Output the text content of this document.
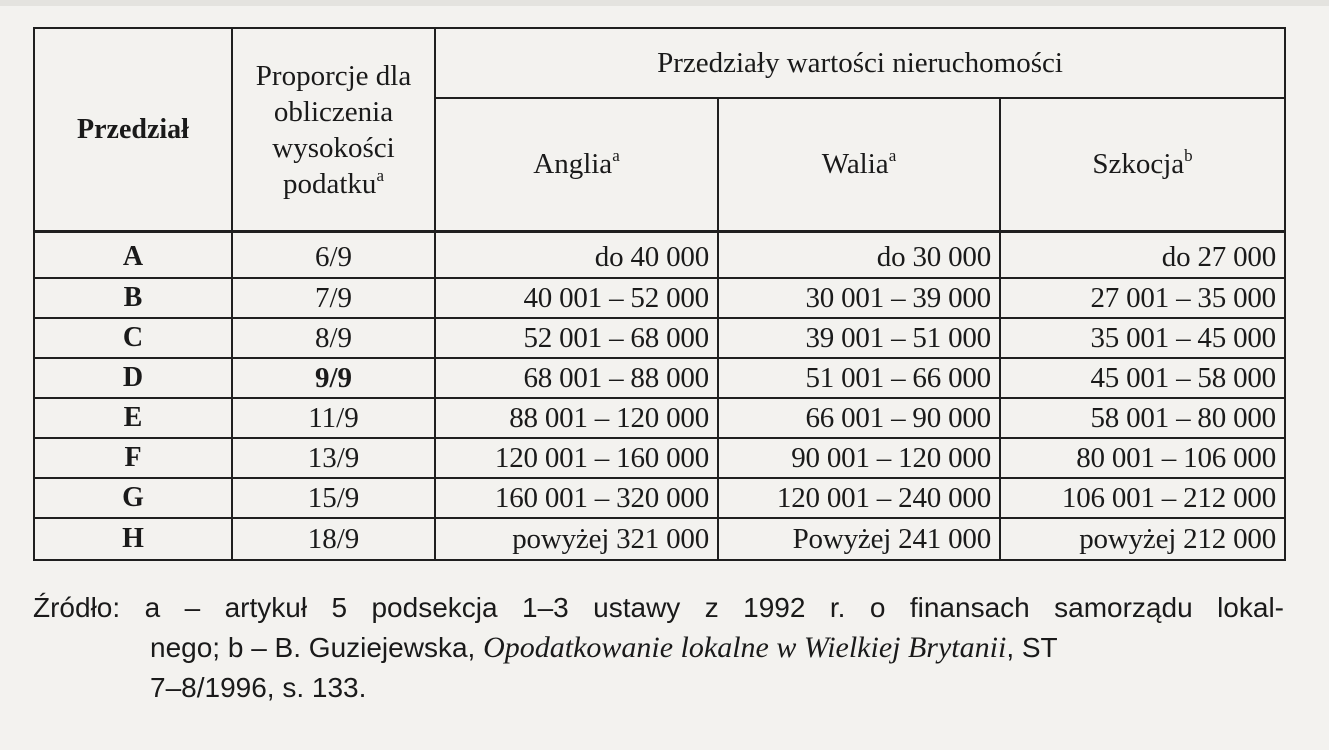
Przedział	Proporcje dla obliczenia wysokości podatku$^a$	Przedziały wartości nieruchomości		
		Anglia$^a$	Walia$^a$	Szkocja$^b$
A	6/9	do 40 000	do 30 000	do 27 000
B	7/9	40 001 – 52 000	30 001 – 39 000	27 001 – 35 000
C	8/9	52 001 – 68 000	39 001 – 51 000	35 001 – 45 000
D	9/9	68 001 – 88 000	51 001 – 66 000	45 001 – 58 000
E	11/9	88 001 – 120 000	66 001 – 90 000	58 001 – 80 000
F	13/9	120 001 – 160 000	90 001 – 120 000	80 001 – 106 000
G	15/9	160 001 – 320 000	120 001 – 240 000	106 001 – 212 000
H	18/9	powyżej 321 000	Powyżej 241 000	powyżej 212 000
Źródło: a – artykuł 5 podsekcja 1–3 ustawy z 1992 r. o finansach samorządu lokal-
nego; b – B. Guziejewska, Opodatkowanie lokalne w Wielkiej Brytanii, ST
7–8/1996, s. 133.
